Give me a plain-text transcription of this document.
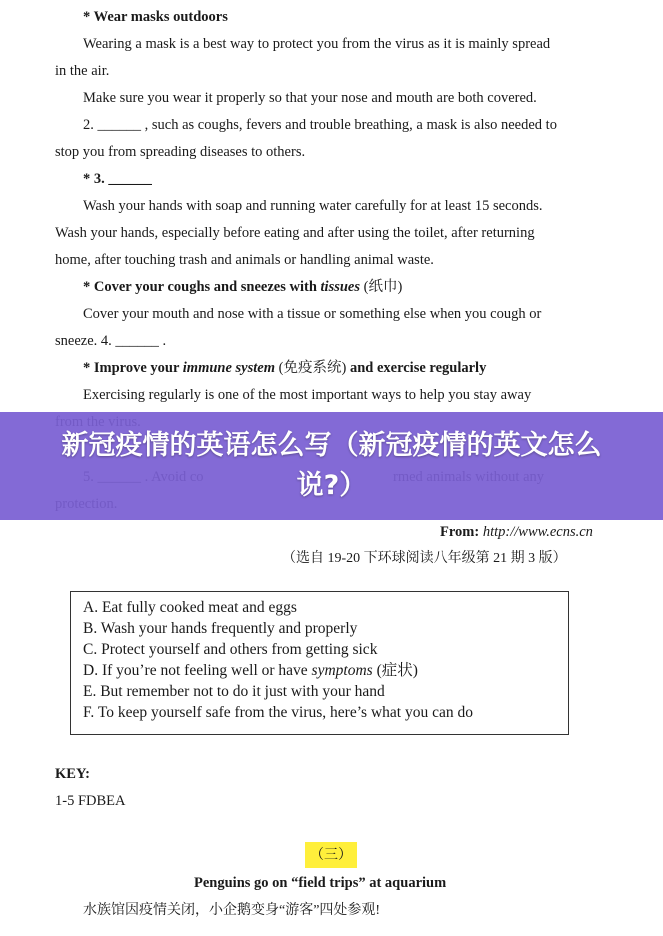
* Wear masks outdoors
Wearing a mask is a best way to protect you from the virus as it is mainly spread
in the air.
Make sure you wear it properly so that your nose and mouth are both covered.
2. ______ , such as coughs, fevers and trouble breathing, a mask is also needed to
stop you from spreading diseases to others.
* 3. ______
Wash your hands with soap and running water carefully for at least 15 seconds.
Wash your hands, especially before eating and after using the toilet, after returning
home, after touching trash and animals or handling animal waste.
* Cover your coughs and sneezes with tissues (纸巾)
Cover your mouth and nose with a tissue or something else when you cough or
sneeze. 4. ______ .
* Improve your immune system (免疫系统) and exercise regularly
Exercising regularly is one of the most important ways to help you stay away
From: http://www.ecns.cn
（选自 19-20 下环球阅读八年级第 21 期 3 版）
A. Eat fully cooked meat and eggs
B. Wash your hands frequently and properly
C. Protect yourself and others from getting sick
D. If you’re not feeling well or have symptoms (症状)
E. But remember not to do it just with your hand
F. To keep yourself safe from the virus, here’s what you can do
KEY:
1-5 FDBEA
（三）
Penguins go on “field trips” at aquarium
水族馆因疫情关闭，小企鹅变身“游客”四处参观!
新冠疫情的英语怎么写（新冠疫情的英文怎么说?）
